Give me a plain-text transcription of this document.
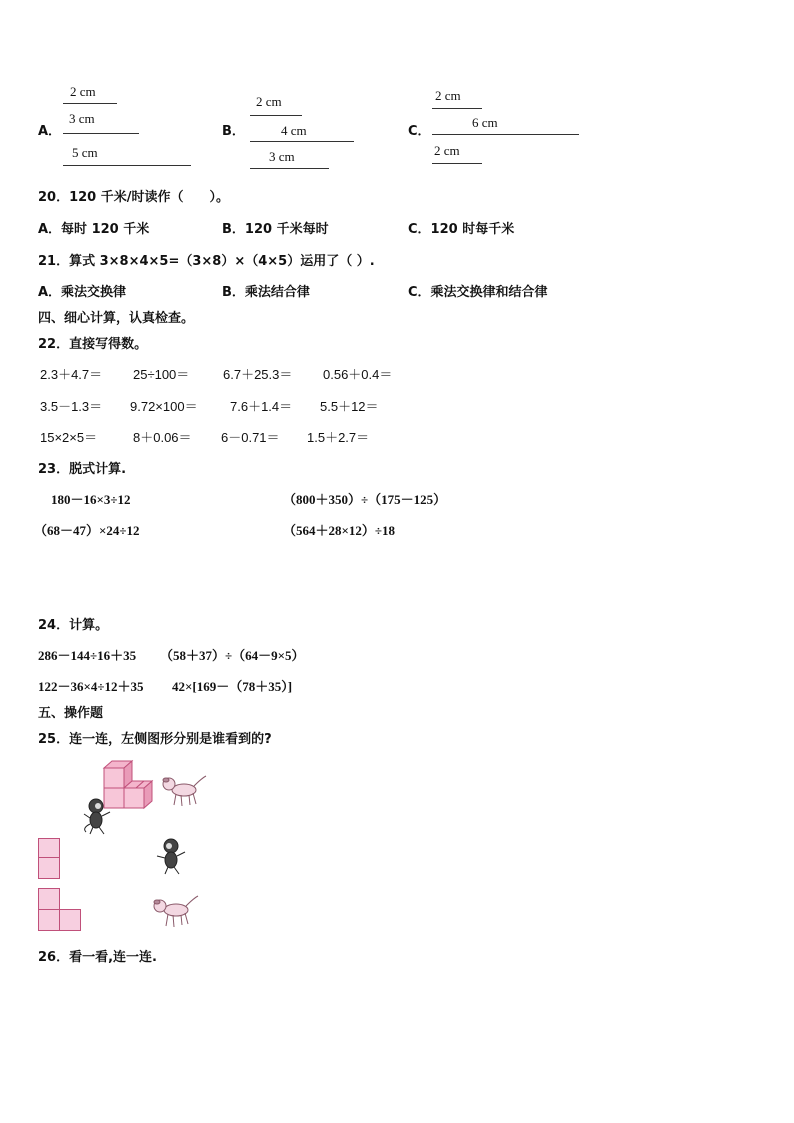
A．
2 cm
3 cm
5 cm
B．
2 cm
4 cm
3 cm
C．
2 cm
6 cm
2 cm
20．120 千米/时读作（　　）。
A．每时 120 千米	B．120 千米每时	C．120 时每千米
21．算式 3×8×4×5=（3×8）×（4×5）运用了（ ）.
A．乘法交换律	B．乘法结合律	C．乘法交换律和结合律
四、细心计算，认真检查。
22．直接写得数。
2.3＋4.7＝ 25÷100＝	6.7＋25.3＝ 0.56＋0.4＝
3.5－1.3＝ 9.72×100＝ 7.6＋1.4＝ 5.5＋12＝
15×2×5＝	8＋0.06＝ 6－0.71＝ 1.5＋2.7＝
23．脱式计算.
180－16×3÷12	（800＋350）÷（175－125）
（68－47）×24÷12	（564＋28×12）÷18
24．计算。
286－144÷16＋35 （58＋37）÷（64－9×5）
122－36×4÷12＋35 42×[169－（78＋35）]
五、操作题
25．连一连，左侧图形分别是谁看到的?
26．看一看,连一连.
